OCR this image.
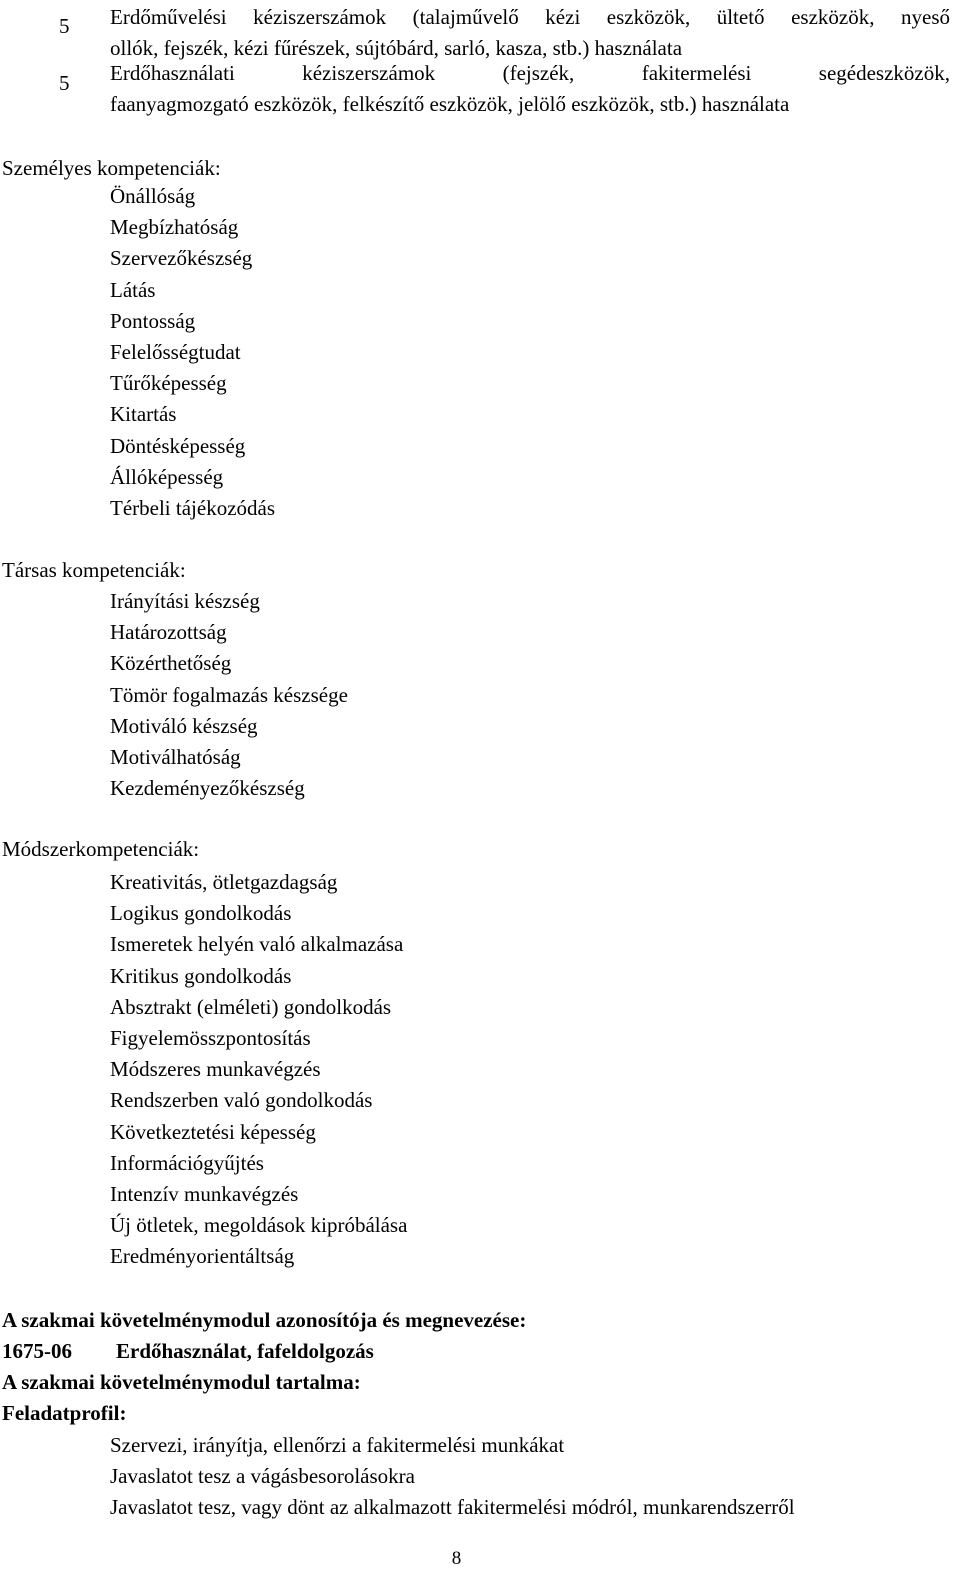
5	Erdőművelési kéziszerszámok (talajművelő kézi eszközök, ültető eszközök, nyeső
ollók, fejszék, kézi fűrészek, sújtóbárd, sarló, kasza, stb.) használata
5	Erdőhasználati kéziszerszámok (fejszék, fakitermelési segédeszközök,
faanyagmozgató eszközök, felkészítő eszközök, jelölő eszközök, stb.) használata
Személyes kompetenciák:
Önállóság
Megbízhatóság
Szervezőkészség
Látás
Pontosság
Felelősségtudat
Tűrőképesség
Kitartás
Döntésképesség
Állóképesség
Térbeli tájékozódás
Társas kompetenciák:
Irányítási készség
Határozottság
Közérthetőség
Tömör fogalmazás készsége
Motiváló készség
Motiválhatóság
Kezdeményezőkészség
Módszerkompetenciák:
Kreativitás, ötletgazdagság
Logikus gondolkodás
Ismeretek helyén való alkalmazása
Kritikus gondolkodás
Absztrakt (elméleti) gondolkodás
Figyelemösszpontosítás
Módszeres munkavégzés
Rendszerben való gondolkodás
Következtetési képesség
Információgyűjtés
Intenzív munkavégzés
Új ötletek, megoldások kipróbálása
Eredményorientáltság
A szakmai követelménymodul azonosítója és megnevezése:
1675-06 Erdőhasználat, fafeldolgozás
A szakmai követelménymodul tartalma:
Feladatprofil:
Szervezi, irányítja, ellenőrzi a fakitermelési munkákat
Javaslatot tesz a vágásbesorolásokra
Javaslatot tesz, vagy dönt az alkalmazott fakitermelési módról, munkarendszerről
8
